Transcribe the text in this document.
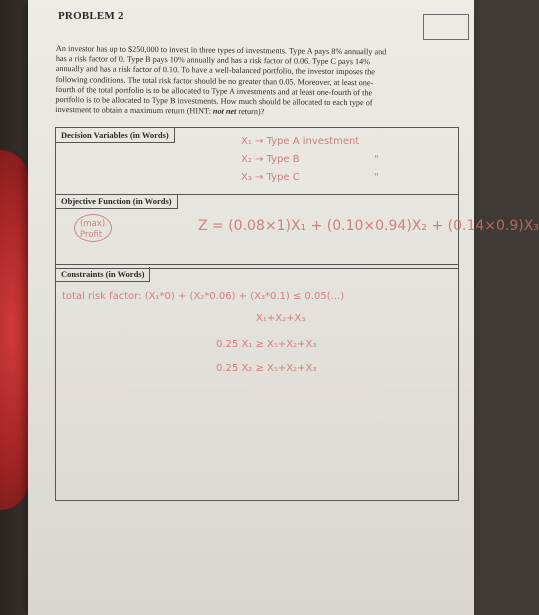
PROBLEM 2
An investor has up to $250,000 to invest in three types of investments. Type A pays 8% annually and
has a risk factor of 0. Type B pays 10% annually and has a risk factor of 0.06. Type C pays 14%
annually and has a risk factor of 0.10. To have a well-balanced portfolio, the investor imposes the
following conditions. The total risk factor should be no greater than 0.05. Moreover, at least one-
fourth of the total portfolio is to be allocated to Type A investments and at least one-fourth of the
portfolio is to be allocated to Type B investments. How much should be allocated to each type of
investment to obtain a maximum return (HINT: not net return)?
Decision Variables (in Words)
X₁ → Type A investment
X₂ → Type B
X₃ → Type C
"
"
Objective Function (in Words)
(max)
Profit
Z = (0.08×1)X₁ + (0.10×0.94)X₂ + (0.14×0.9)X₃
Constraints (in Words)
total risk factor: (X₁*0) + (X₂*0.06) + (X₃*0.1) ≤ 0.05(...)
X₁+X₂+X₃
0.25 X₁ ≥ X₁+X₂+X₃
0.25 X₂ ≥ X₁+X₂+X₃
